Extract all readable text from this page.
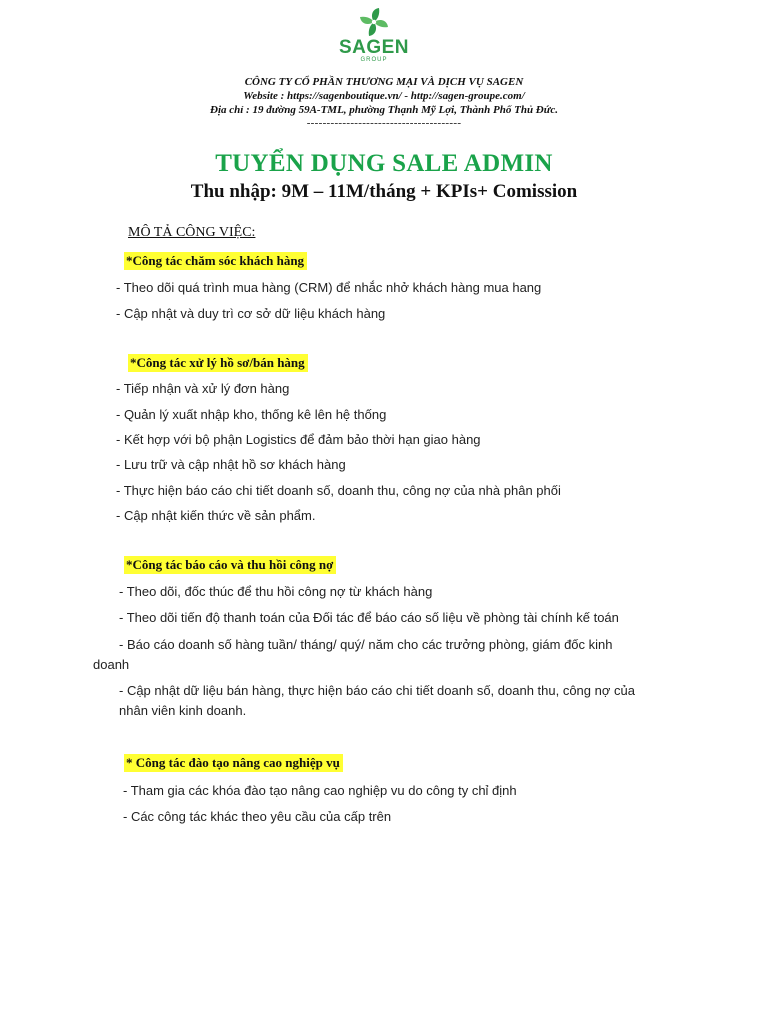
SAGEN
GROUP
CÔNG TY CỔ PHẦN THƯƠNG MẠI VÀ DỊCH VỤ SAGEN
Website : https://sagenboutique.vn/ - http://sagen-groupe.com/
Địa chỉ : 19 đường 59A-TML, phường Thạnh Mỹ Lợi, Thành Phố Thủ Đức.
---------------------------------------
TUYỂN DỤNG SALE ADMIN
Thu nhập: 9M – 11M/tháng + KPIs+ Comission
MÔ TẢ CÔNG VIỆC:
*Công tác chăm sóc khách hàng
- Theo dõi quá trình mua hàng (CRM) để nhắc nhở khách hàng mua hang
- Cập nhật và duy trì cơ sở dữ liệu khách hàng
*Công tác xử lý hồ sơ/bán hàng
- Tiếp nhận và xử lý đơn hàng
- Quản lý xuất nhập kho, thống kê lên hệ thống
- Kết hợp với bộ phận Logistics để đảm bảo thời hạn giao hàng
- Lưu trữ và cập nhật hồ sơ khách hàng
- Thực hiện báo cáo chi tiết doanh số, doanh thu, công nợ của nhà phân phối
- Cập nhật kiến thức về sản phẩm.
*Công tác báo cáo và thu hồi công nợ
- Theo dõi, đốc thúc để thu hồi công nợ từ khách hàng
- Theo dõi tiến độ thanh toán của Đối tác để báo cáo số liệu về phòng tài chính kế toán
- Báo cáo doanh số hàng tuần/ tháng/ quý/ năm cho các trưởng phòng, giám đốc kinh
doanh
- Cập nhật dữ liệu bán hàng, thực hiện báo cáo chi tiết doanh số, doanh thu, công nợ của
nhân viên kinh doanh.
* Công tác đào tạo nâng cao nghiệp vụ
- Tham gia các khóa đào tạo nâng cao nghiệp vu do công ty chỉ định
- Các công tác khác theo yêu cầu của cấp trên
